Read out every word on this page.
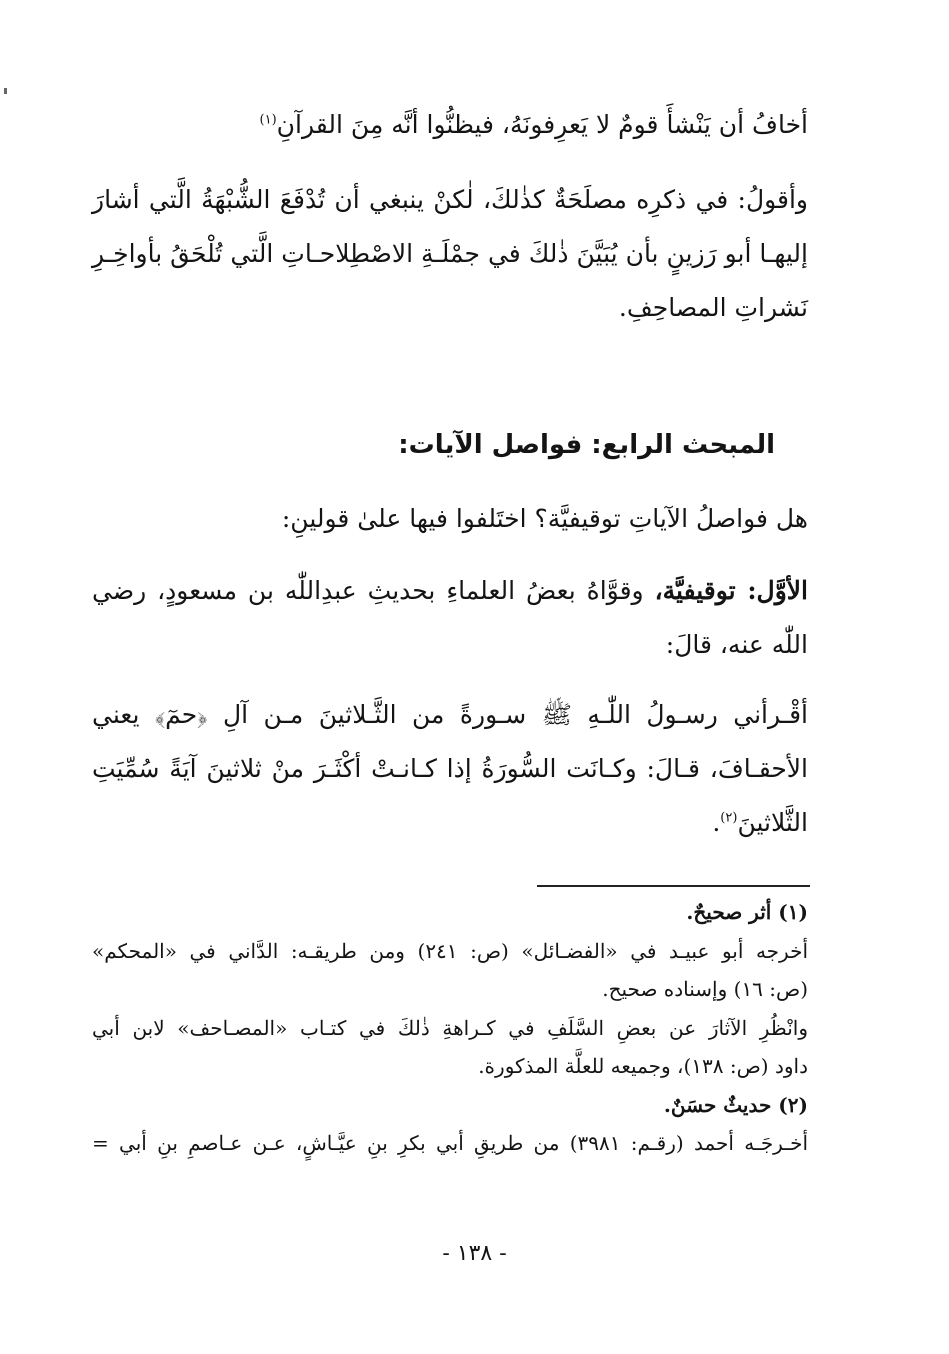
أخافُ أن يَنْشأَ قومٌ لا يَعرِفونَهُ، فيظنُّوا أنَّه مِنَ القرآنِ$^{(١)}$
وأقولُ: في ذكرِه مصلَحَةٌ كذٰلكَ، لٰكنْ ينبغي أن تُدْفَعَ الشُّبْهَةُ الَّتي أشارَ
إليهـا أبو رَزينٍ بأن يُبَيَّنَ ذٰلكَ في جمْلَـةِ الاصْطِلاحـاتِ الَّتي تُلْحَقُ بأواخِـرِ
نَشراتِ المصاحِفِ.
المبحث الرابع: فواصل الآيات:
هل فواصلُ الآياتِ توقيفيَّة؟ اختَلفوا فيها علىٰ قولينِ:
الأوَّل: توقيفيَّة، وقوَّاهُ بعضُ العلماءِ بحديثِ عبدِاللّٰه بن مسعودٍ، رضي
اللّٰه عنه، قالَ:
أقْـرأني رسـولُ اللّٰـهِ ﷺ سـورةً من الثَّـلاثينَ مـن آلِ ﴿حمٓ﴾ يعني
الأحقـافَ، قـالَ: وكـانَت السُّورَةُ إذا كـانـتْ أكْثَـرَ منْ ثلاثينَ آيَةً سُمِّيَتِ
الثَّلاثينَ$^{(٢)}$.
(١) أثر صحيحٌ.
أخرجه أبو عبيـد في «الفضـائل» (ص: ٢٤١) ومن طريقـه: الدَّاني في «المحكم»
(ص: ١٦) وإسناده صحيح.
وانْظُرِ الآثارَ عن بعضِ السَّلَفِ في كـراهةِ ذٰلكَ في كتـاب «المصـاحف» لابن أبي
داود (ص: ١٣٨)، وجميعه للعلَّة المذكورة.
(٢) حديثٌ حسَنٌ.
أخـرجَـه أحمد (رقـم: ٣٩٨١) من طريقِ أبي بكرِ بنِ عيَّـاشٍ، عـن عـاصمِ بنِ أبي =
- ١٣٨ -
